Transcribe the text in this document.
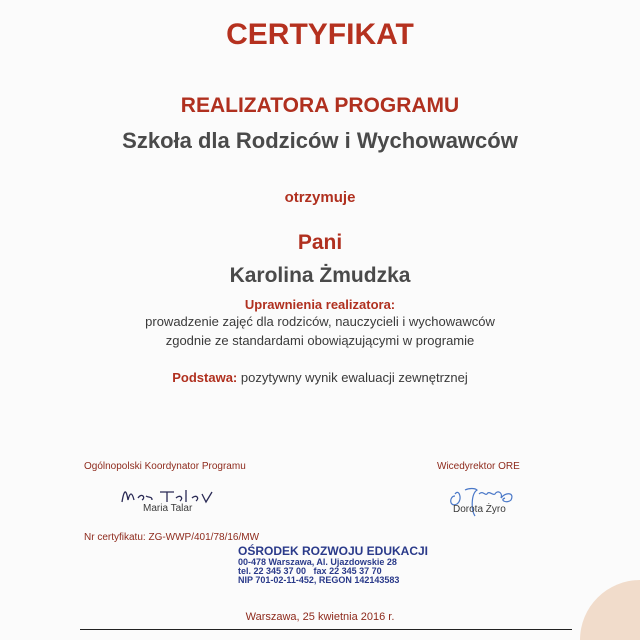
CERTYFIKAT
REALIZATORA PROGRAMU
Szkoła dla Rodziców i Wychowawców
otrzymuje
Pani
Karolina Żmudzka
Uprawnienia realizatora:
prowadzenie zajęć dla rodziców, nauczycieli i wychowawców
zgodnie ze standardami obowiązującymi w programie
Podstawa: pozytywny wynik ewaluacji zewnętrznej
Ogólnopolski Koordynator Programu
Maria Talar
Wicedyrektor ORE
Dorota Żyro
Nr certyfikatu: ZG-WWP/401/78/16/MW
OŚRODEK ROZWOJU EDUKACJI
00-478 Warszawa, Al. Ujazdowskie 28
tel. 22 345 37 00   fax 22 345 37 70
NIP 701-02-11-452, REGON 142143583
Warszawa, 25 kwietnia 2016 r.
